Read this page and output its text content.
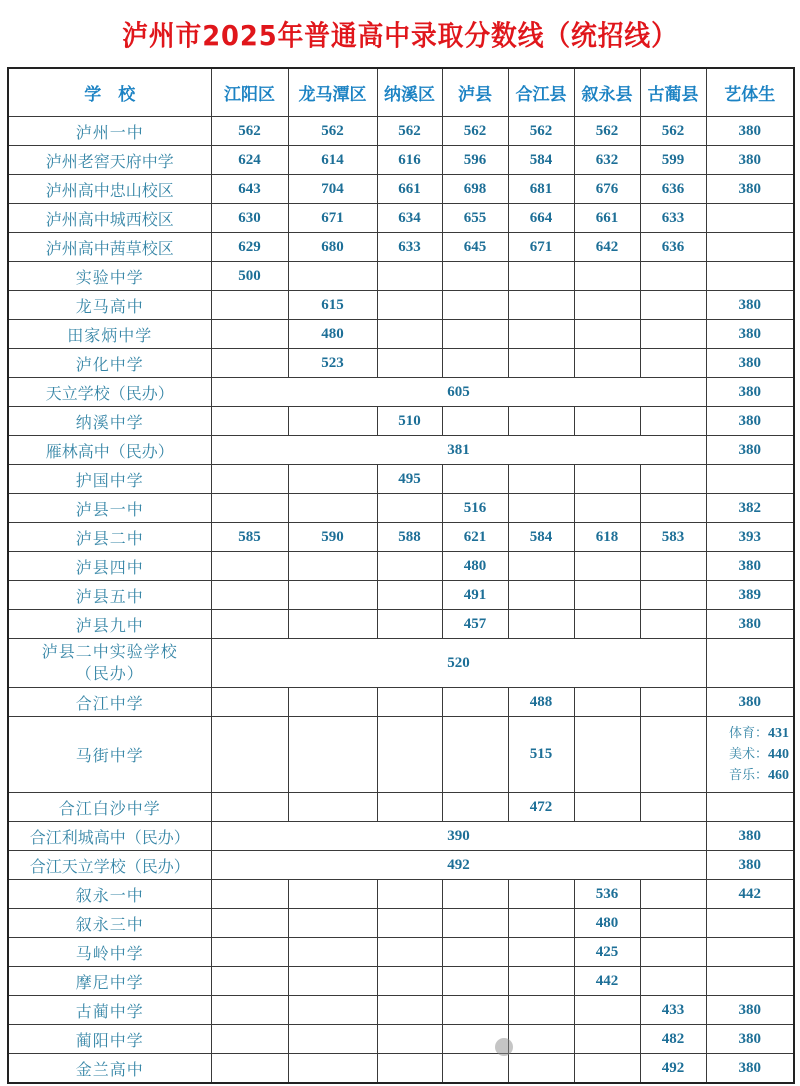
泸州市2025年普通高中录取分数线（统招线）
学　校	江阳区	龙马潭区	纳溪区	泸县	合江县	叙永县	古蔺县	艺体生
泸州一中	562	562	562	562	562	562	562	380
泸州老窖天府中学	624	614	616	596	584	632	599	380
泸州高中忠山校区	643	704	661	698	681	676	636	380
泸州高中城西校区	630	671	634	655	664	661	633	
泸州高中茜草校区	629	680	633	645	671	642	636	
实验中学	500							
龙马高中		615						380
田家炳中学		480						380
泸化中学		523						380
天立学校（民办）	605							380
纳溪中学			510					380
雁林高中（民办）	381							380
护国中学			495					
泸县一中				516				382
泸县二中	585	590	588	621	584	618	583	393
泸县四中				480				380
泸县五中				491				389
泸县九中				457				380

泸县二中实验学校
（民办）	520							
合江中学					488			380
马街中学					515			体育：431
美术：440
音乐：460

合江白沙中学					472			
合江利城高中（民办）	390							380
合江天立学校（民办）	492							380
叙永一中						536		442
叙永三中						480		
马岭中学						425		
摩尼中学						442		
古蔺中学							433	380
蔺阳中学							482	380
金兰高中							492	380
